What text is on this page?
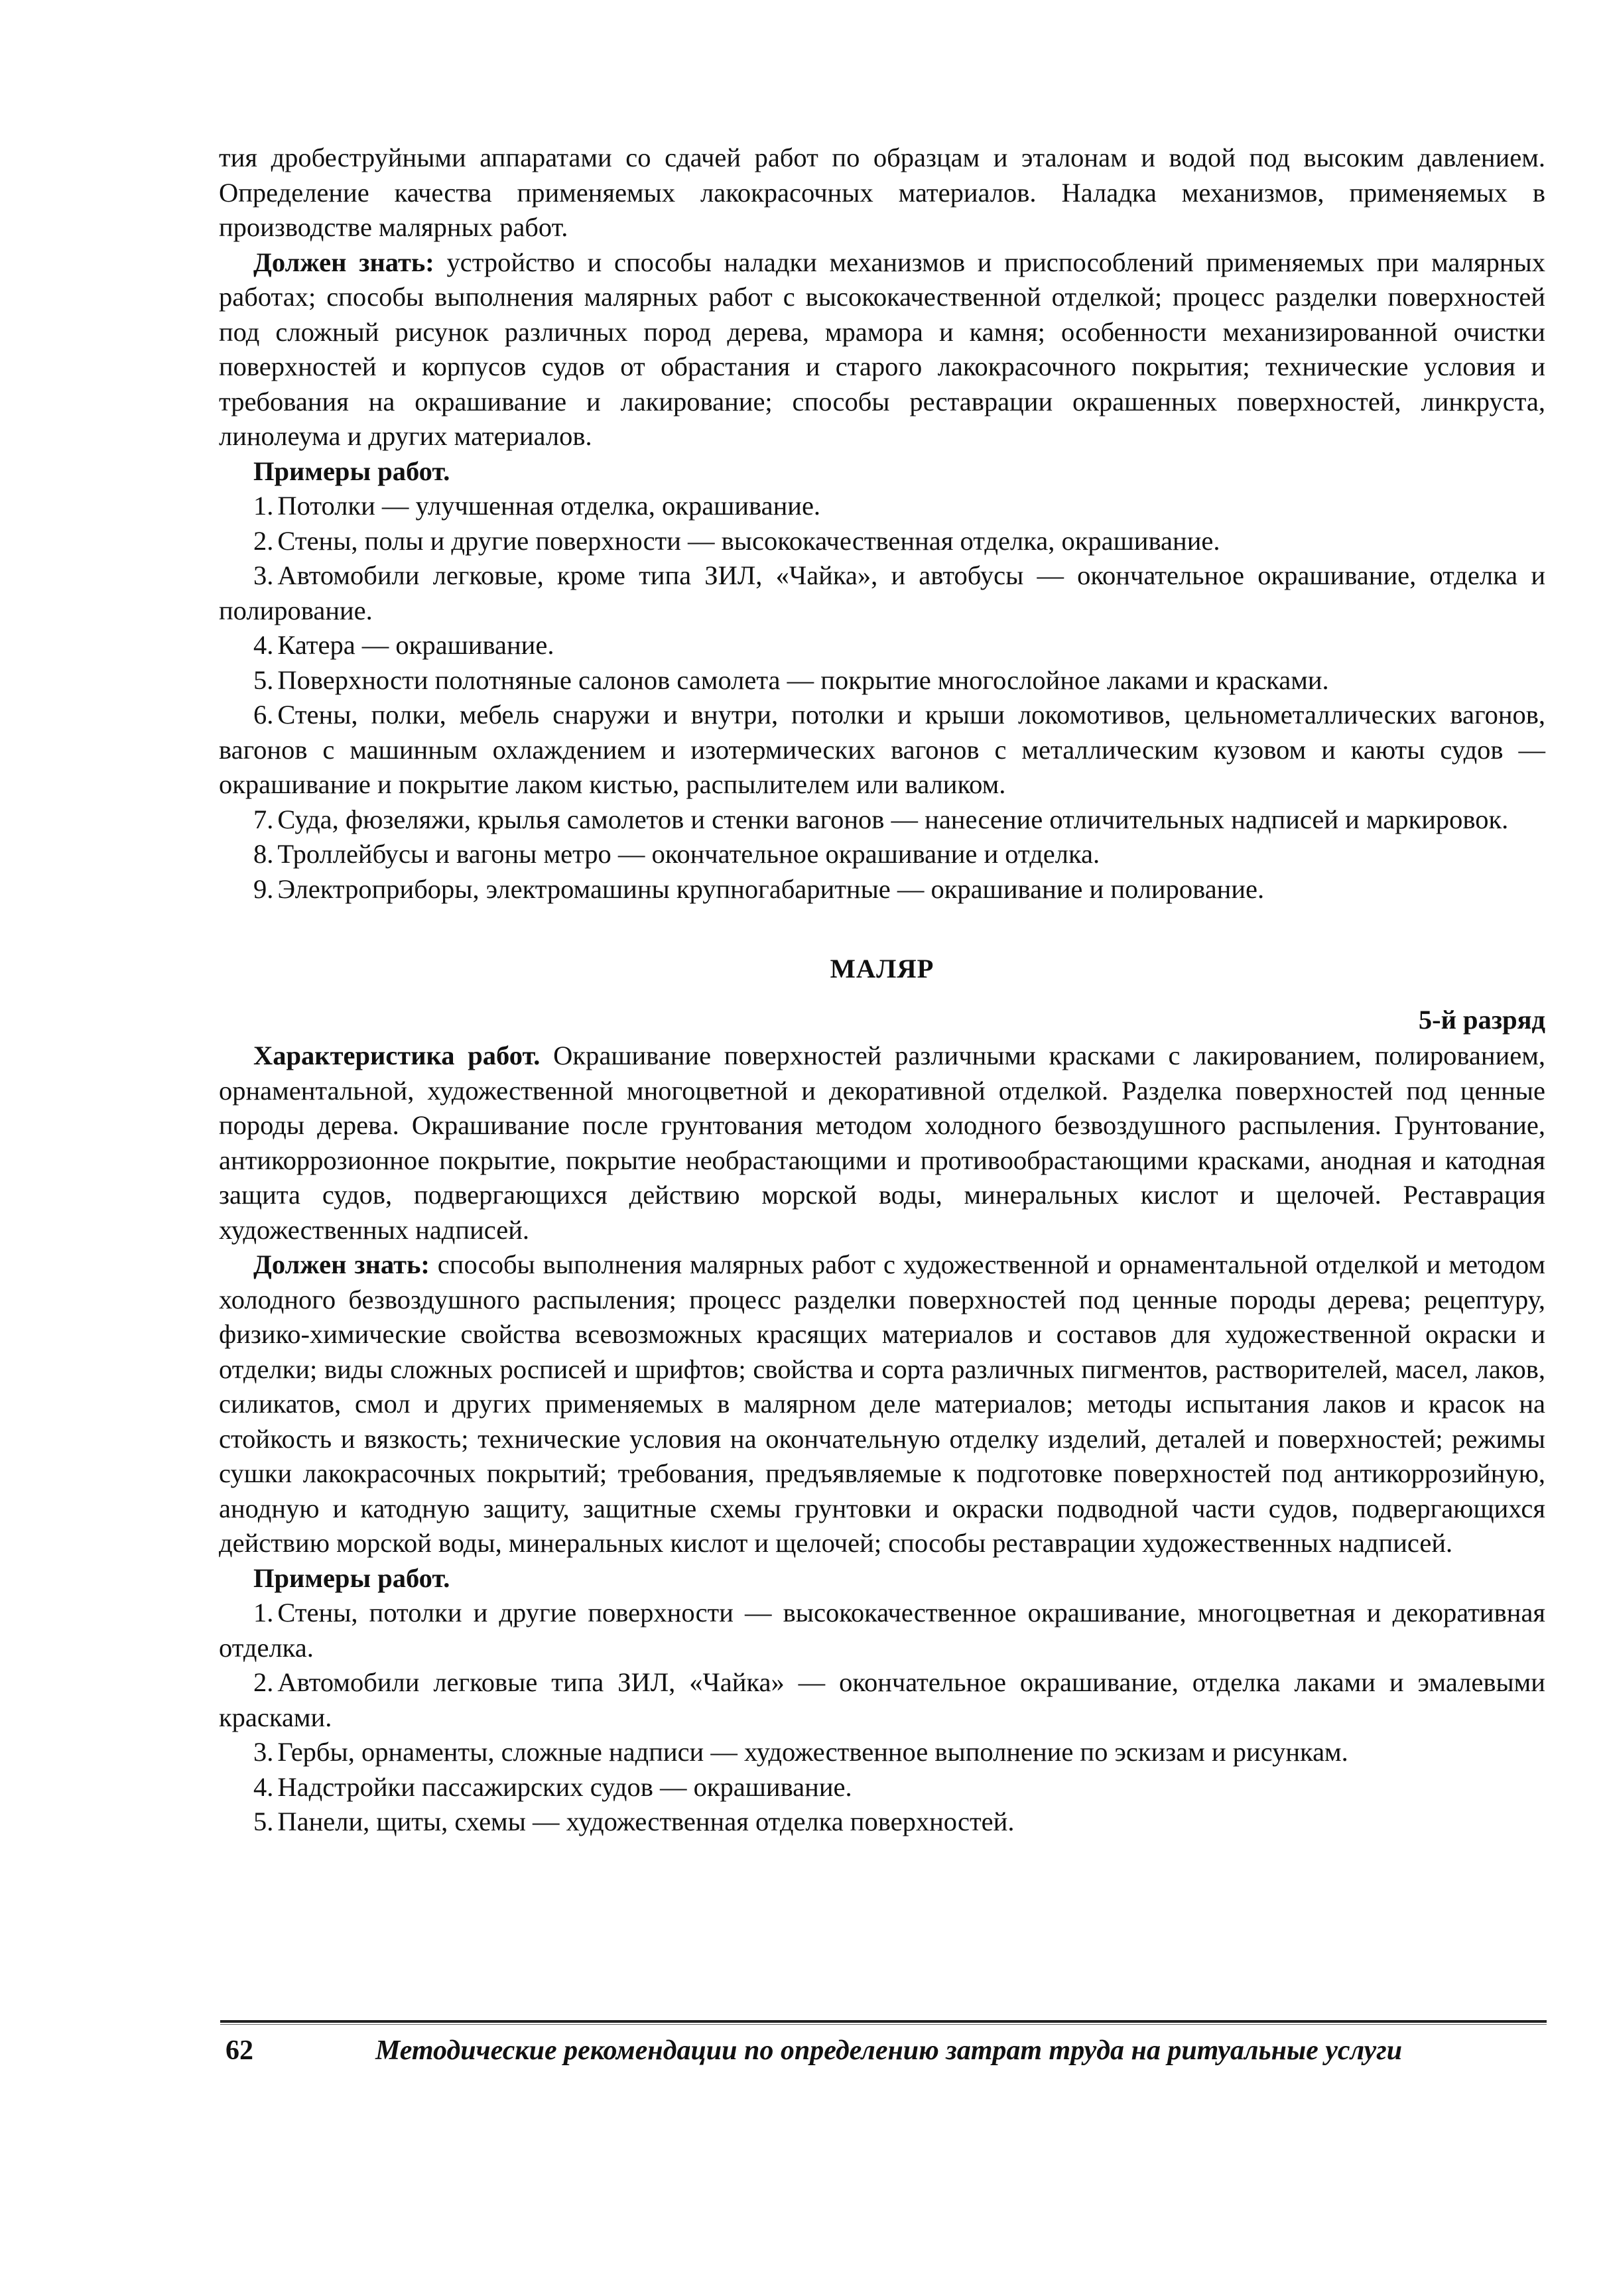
тия дробеструйными аппаратами со сдачей работ по образцам и эталонам и водой под высоким давлением. Определение качества применяемых лакокрасочных материалов. Наладка механизмов, применяемых в производстве малярных работ.

Должен знать: устройство и способы наладки механизмов и приспособлений применяемых при малярных работах; способы выполнения малярных работ с высококачественной отделкой; процесс разделки поверхностей под сложный рисунок различных пород дерева, мрамора и камня; особенности механизированной очистки поверхностей и корпусов судов от обрастания и старого лакокрасочного покрытия; технические условия и требования на окрашивание и лакирование; способы реставрации окрашенных поверхностей, линкруста, линолеума и других материалов.

Примеры работ.

1. Потолки — улучшенная отделка, окрашивание.

2. Стены, полы и другие поверхности — высококачественная отделка, окрашивание.

3. Автомобили легковые, кроме типа ЗИЛ, «Чайка», и автобусы — окончательное окрашивание, отделка и полирование.

4. Катера — окрашивание.

5. Поверхности полотняные салонов самолета — покрытие многослойное лаками и красками.

6. Стены, полки, мебель снаружи и внутри, потолки и крыши локомотивов, цельнометаллических вагонов, вагонов с машинным охлаждением и изотермических вагонов с металлическим кузовом и каюты судов — окрашивание и покрытие лаком кистью, распылителем или валиком.

7. Суда, фюзеляжи, крылья самолетов и стенки вагонов — нанесение отличительных надписей и маркировок.

8. Троллейбусы и вагоны метро — окончательное окрашивание и отделка.

9. Электроприборы, электромашины крупногабаритные — окрашивание и полирование.

МАЛЯР
5-й разряд

Характеристика работ. Окрашивание поверхностей различными красками с лакированием, полированием, орнаментальной, художественной многоцветной и декоративной отделкой. Разделка поверхностей под ценные породы дерева. Окрашивание после грунтования методом холодного безвоздушного распыления. Грунтование, антикоррозионное покрытие, покрытие необрастающими и противообрастающими красками, анодная и катодная защита судов, подвергающихся действию морской воды, минеральных кислот и щелочей. Реставрация художественных надписей.

Должен знать: способы выполнения малярных работ с художественной и орнаментальной отделкой и методом холодного безвоздушного распыления; процесс разделки поверхностей под ценные породы дерева; рецептуру, физико-химические свойства всевозможных красящих материалов и составов для художественной окраски и отделки; виды сложных росписей и шрифтов; свойства и сорта различных пигментов, растворителей, масел, лаков, силикатов, смол и других применяемых в малярном деле материалов; методы испытания лаков и красок на стойкость и вязкость; технические условия на окончательную отделку изделий, деталей и поверхностей; режимы сушки лакокрасочных покрытий; требования, предъявляемые к подготовке поверхностей под антикоррозийную, анодную и катодную защиту, защитные схемы грунтовки и окраски подводной части судов, подвергающихся действию морской воды, минеральных кислот и щелочей; способы реставрации художественных надписей.

Примеры работ.

1. Стены, потолки и другие поверхности — высококачественное окрашивание, многоцветная и декоративная отделка.

2. Автомобили легковые типа ЗИЛ, «Чайка» — окончательное окрашивание, отделка лаками и эмалевыми красками.

3. Гербы, орнаменты, сложные надписи — художественное выполнение по эскизам и рисункам.

4. Надстройки пассажирских судов — окрашивание.

5. Панели, щиты, схемы — художественная отделка поверхностей.

62	Методические рекомендации по определению затрат труда на ритуальные услуги
